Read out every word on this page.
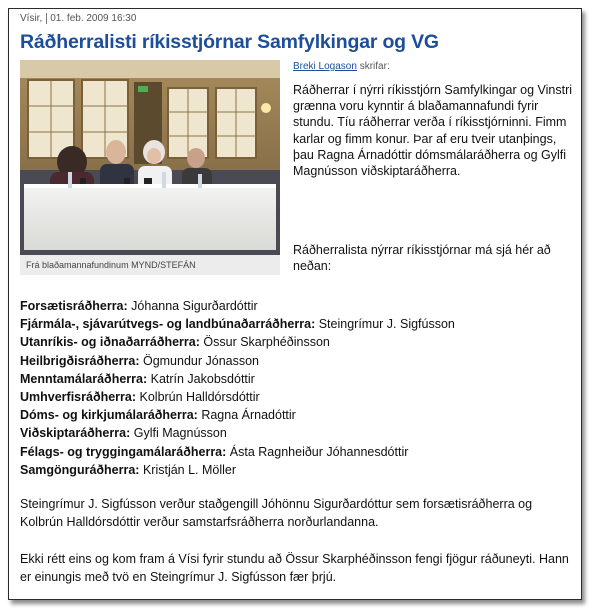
Vísir, 01. feb. 2009 16:30
Ráðherralisti ríkisstjórnar Samfylkingar og VG
Frá blaðamannafundinum MYND/STEFÁN
Breki Logason skrifar:

Ráðherrar í nýrri ríkisstjórn Samfylkingar og Vinstri grænna voru kynntir á blaðamannafundi fyrir stundu. Tíu ráðherrar verða í ríkisstjórninni. Fimm karlar og fimm konur. Þar af eru tveir utanþings, þau Ragna Árnadóttir dómsmálaráðherra og Gylfi Magnússon viðskiptaráðherra.

Ráðherralista nýrrar ríkisstjórnar má sjá hér að neðan:

Forsætisráðherra: Jóhanna Sigurðardóttir
Fjármála-, sjávarútvegs- og landbúnaðarráðherra: Steingrímur J. Sigfússon
Utanríkis- og iðnaðarráðherra: Össur Skarphéðinsson
Heilbrigðisráðherra: Ögmundur Jónasson
Menntamálaráðherra: Katrín Jakobsdóttir
Umhverfisráðherra: Kolbrún Halldórsdóttir
Dóms- og kirkjumálaráðherra: Ragna Árnadóttir
Viðskiptaráðherra: Gylfi Magnússon
Félags- og tryggingamálaráðherra: Ásta Ragnheiður Jóhannesdóttir
Samgönguráðherra: Kristján L. Möller

Steingrímur J. Sigfússon verður staðgengill Jóhönnu Sigurðardóttur sem forsætisráðherra og Kolbrún Halldórsdóttir verður samstarfsráðherra norðurlandanna.

Ekki rétt eins og kom fram á Vísi fyrir stundu að Össur Skarphéðinsson fengi fjögur ráðuneyti. Hann er einungis með tvö en Steingrímur J. Sigfússon fær þrjú.
